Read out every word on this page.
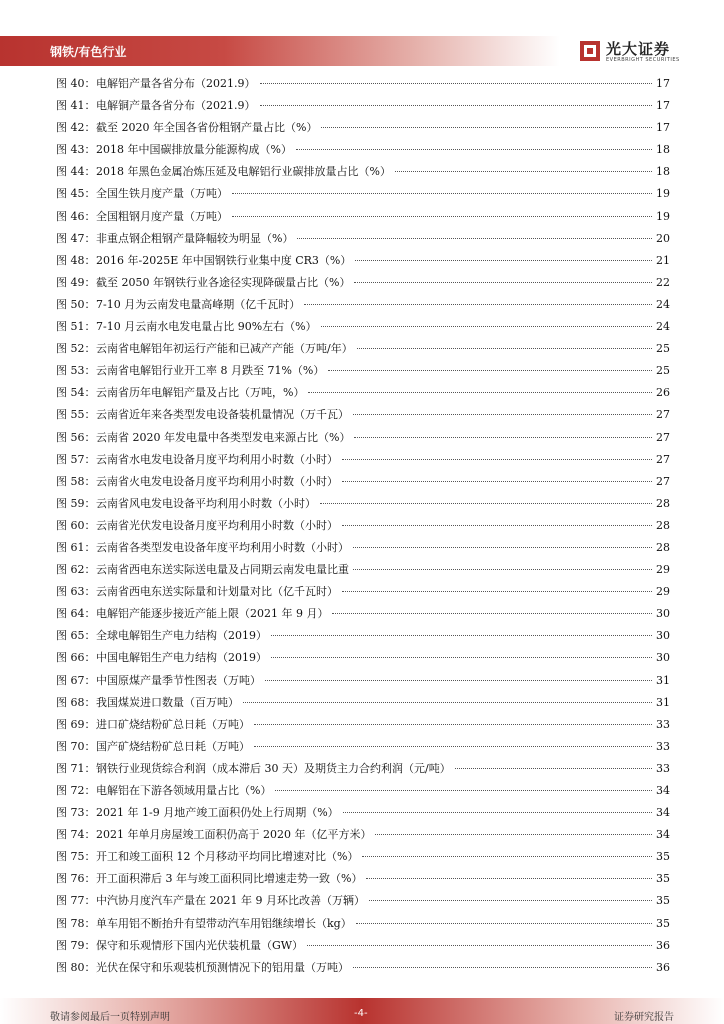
钢铁/有色行业	光大证券
EVERBRIGHT SECURITIES
图 40： 电解铝产量各省分布（2021.9）	17
图 41： 电解铜产量各省分布（2021.9）	17
图 42： 截至 2020 年全国各省份粗钢产量占比（%）	17
图 43： 2018 年中国碳排放量分能源构成（%）	18
图 44： 2018 年黑色金属冶炼压延及电解铝行业碳排放量占比（%）	18
图 45： 全国生铁月度产量（万吨）	19
图 46： 全国粗钢月度产量（万吨）	19
图 47： 非重点钢企粗钢产量降幅较为明显（%）	20
图 48： 2016 年-2025E 年中国钢铁行业集中度 CR3（%）	21
图 49： 截至 2050 年钢铁行业各途径实现降碳量占比（%）	22
图 50： 7-10 月为云南发电量高峰期（亿千瓦时）	24
图 51： 7-10 月云南水电发电量占比 90%左右（%）	24
图 52： 云南省电解铝年初运行产能和已减产产能（万吨/年）	25
图 53： 云南省电解铝行业开工率 8 月跌至 71%（%）	25
图 54： 云南省历年电解铝产量及占比（万吨，%）	26
图 55： 云南省近年来各类型发电设备装机量情况（万千瓦）	27
图 56： 云南省 2020 年发电量中各类型发电来源占比（%）	27
图 57： 云南省水电发电设备月度平均利用小时数（小时）	27
图 58： 云南省火电发电设备月度平均利用小时数（小时）	27
图 59： 云南省风电发电设备平均利用小时数（小时）	28
图 60： 云南省光伏发电设备月度平均利用小时数（小时）	28
图 61： 云南省各类型发电设备年度平均利用小时数（小时）	28
图 62： 云南省西电东送实际送电量及占同期云南发电量比重	29
图 63： 云南省西电东送实际量和计划量对比（亿千瓦时）	29
图 64： 电解铝产能逐步接近产能上限（2021 年 9 月）	30
图 65： 全球电解铝生产电力结构（2019）	30
图 66： 中国电解铝生产电力结构（2019）	30
图 67： 中国原煤产量季节性图表（万吨）	31
图 68： 我国煤炭进口数量（百万吨）	31
图 69： 进口矿烧结粉矿总日耗（万吨）	33
图 70： 国产矿烧结粉矿总日耗（万吨）	33
图 71： 钢铁行业现货综合利润（成本滞后 30 天）及期货主力合约利润（元/吨）	33
图 72： 电解铝在下游各领域用量占比（%）	34
图 73： 2021 年 1-9 月地产竣工面积仍处上行周期（%）	34
图 74： 2021 年单月房屋竣工面积仍高于 2020 年（亿平方米）	34
图 75： 开工和竣工面积 12 个月移动平均同比增速对比（%）	35
图 76： 开工面积滞后 3 年与竣工面积同比增速走势一致（%）	35
图 77： 中汽协月度汽车产量在 2021 年 9 月环比改善（万辆）	35
图 78： 单车用铝不断抬升有望带动汽车用铝继续增长（kg）	35
图 79： 保守和乐观情形下国内光伏装机量（GW）	36
图 80： 光伏在保守和乐观装机预测情况下的铝用量（万吨）	36
敬请参阅最后一页特别声明	-4-	证券研究报告
